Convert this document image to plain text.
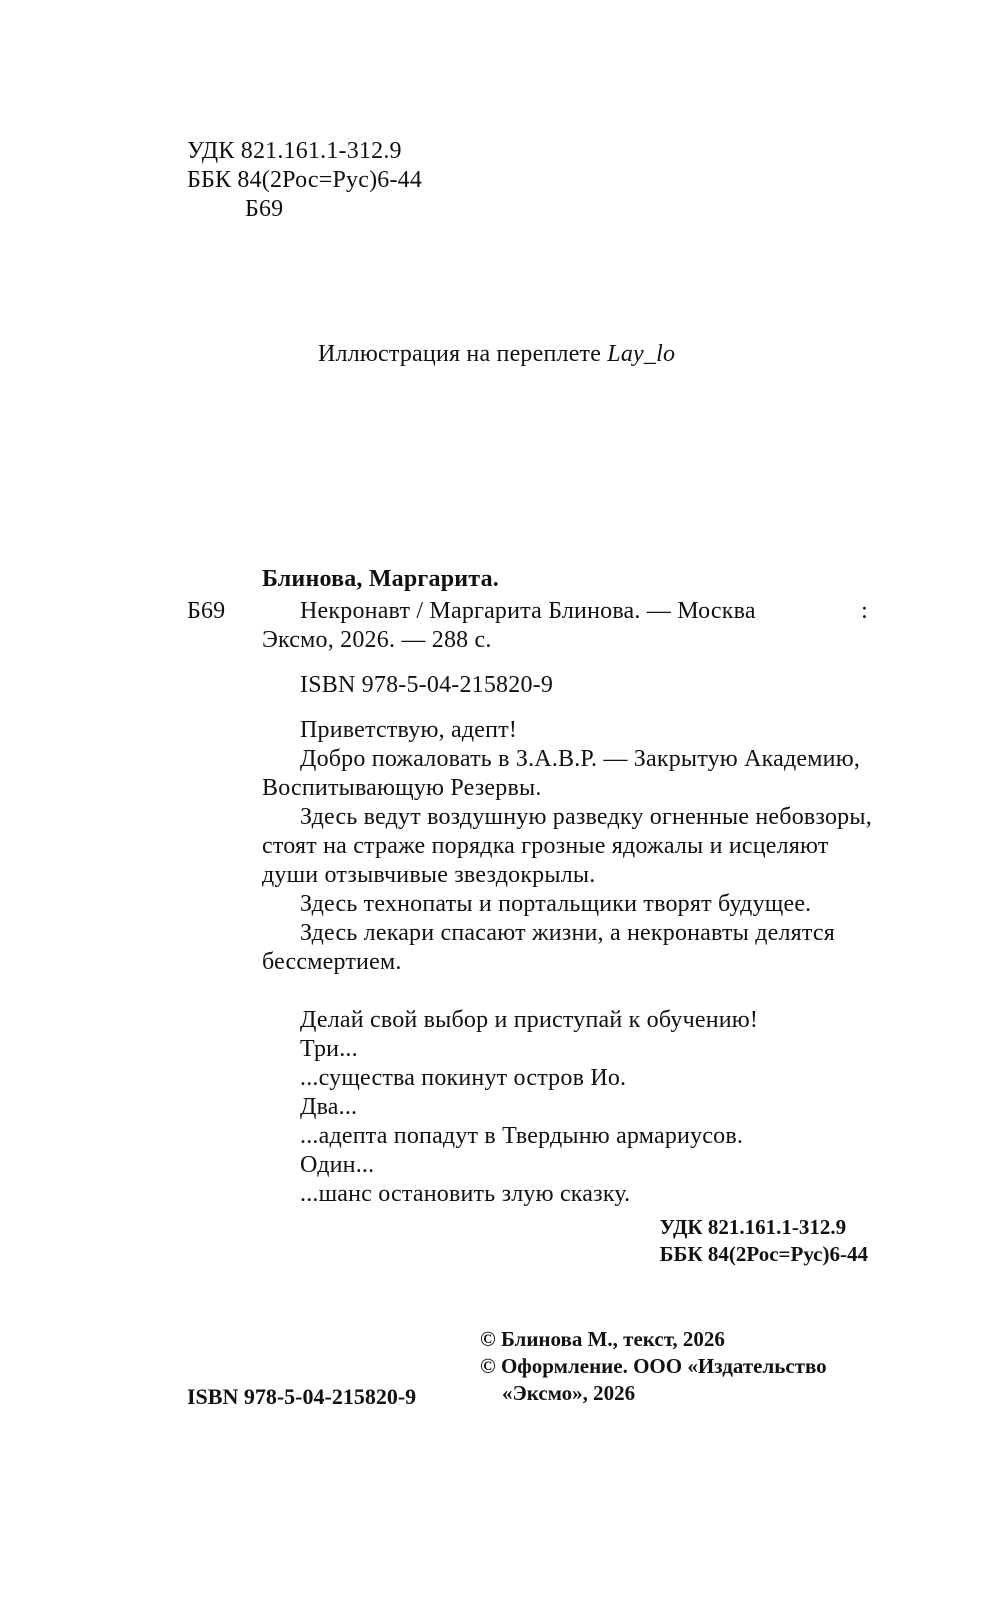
УДК 821.161.1-312.9
ББК 84(2Рос=Рус)6-44
Б69
Иллюстрация на переплете Lay_lo
Блинова, Маргарита.
Б69	Некронавт / Маргарита Блинова. — Москва	:
Эксмо, 2026. — 288 с.
ISBN 978-5-04-215820-9
Приветствую, адепт!
Добро пожаловать в З.А.В.Р. — Закрытую Академию,
Воспитывающую Резервы.
Здесь ведут воздушную разведку огненные небовзоры,
стоят на страже порядка грозные ядожалы и исцеляют
души отзывчивые звездокрылы.
Здесь технопаты и портальщики творят будущее.
Здесь лекари спасают жизни, а некронавты делятся
бессмертием.
Делай свой выбор и приступай к обучению!
Три...
...существа покинут остров Ио.
Два...
...адепта попадут в Твердыню армариусов.
Один...
...шанс остановить злую сказку.
УДК 821.161.1-312.9
ББК 84(2Рос=Рус)6-44
ISBN 978-5-04-215820-9
© Блинова М., текст, 2026
© Оформление. ООО «Издательство
«Эксмо», 2026
